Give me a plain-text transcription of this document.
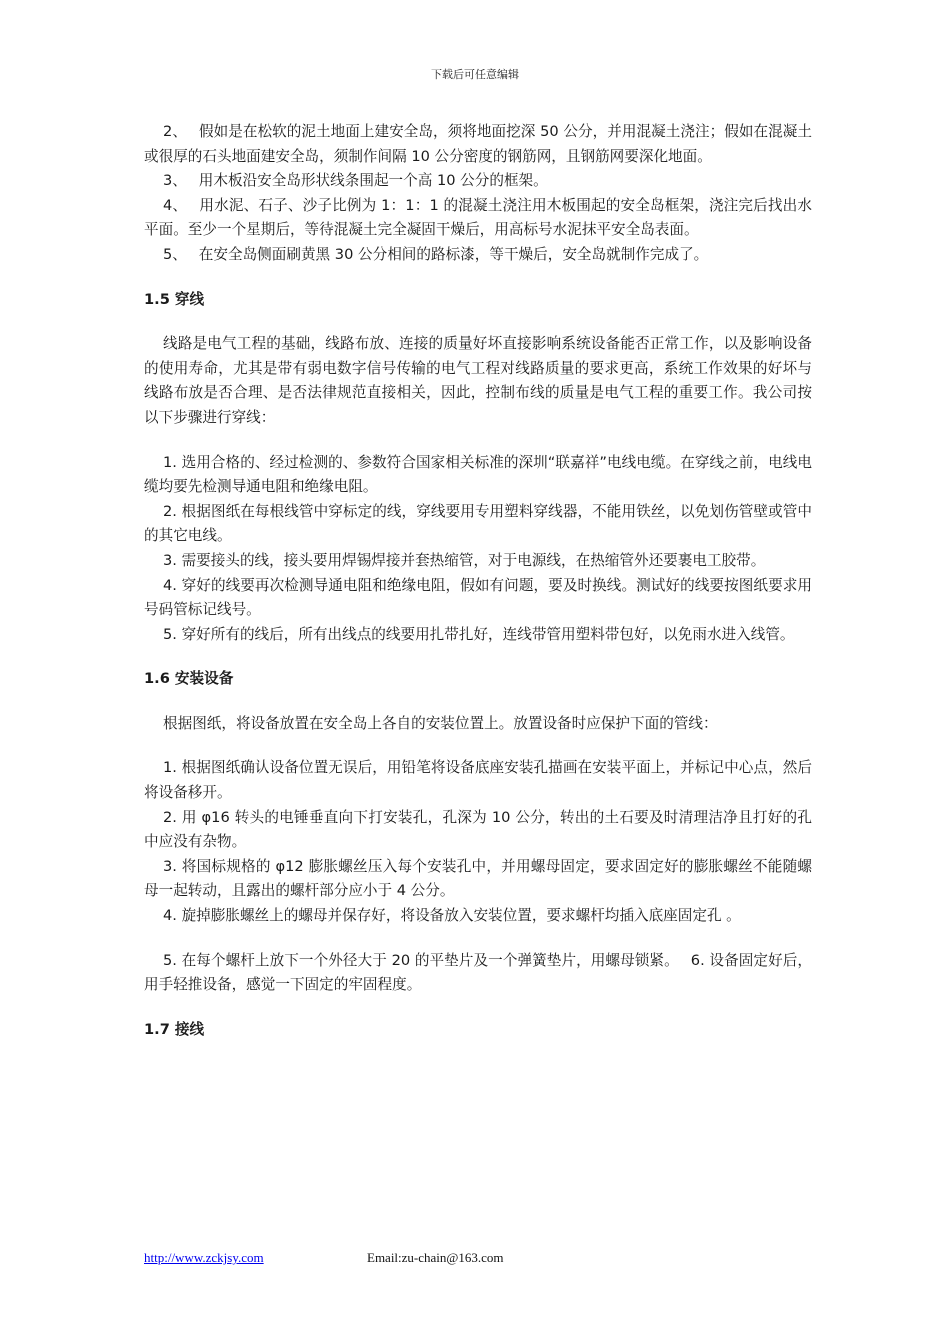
下载后可任意编辑

2、　 假如是在松软的泥土地面上建安全岛，须将地面挖深 50 公分，并用混凝土浇注；假如在混凝土或很厚的石头地面建安全岛，须制作间隔 10 公分密度的钢筋网，且钢筋网要深化地面。

3、　 用木板沿安全岛形状线条围起一个高 10 公分的框架。

4、　 用水泥、石子、沙子比例为 1：1：1 的混凝土浇注用木板围起的安全岛框架，浇注完后找出水平面。至少一个星期后，等待混凝土完全凝固干燥后，用高标号水泥抹平安全岛表面。

5、　 在安全岛侧面刷黄黑 30 公分相间的路标漆，等干燥后，安全岛就制作完成了。

1.5 穿线

线路是电气工程的基础，线路布放、连接的质量好坏直接影响系统设备能否正常工作，以及影响设备的使用寿命，尤其是带有弱电数字信号传输的电气工程对线路质量的要求更高，系统工作效果的好坏与线路布放是否合理、是否法律规范直接相关，因此，控制布线的质量是电气工程的重要工作。我公司按以下步骤进行穿线：

1. 选用合格的、经过检测的、参数符合国家相关标准的深圳“联嘉祥”电线电缆。在穿线之前，电线电缆均要先检测导通电阻和绝缘电阻。

2. 根据图纸在每根线管中穿标定的线，穿线要用专用塑料穿线器，不能用铁丝，以免划伤管壁或管中的其它电线。

3. 需要接头的线，接头要用焊锡焊接并套热缩管，对于电源线，在热缩管外还要裹电工胶带。

4. 穿好的线要再次检测导通电阻和绝缘电阻，假如有问题，要及时换线。测试好的线要按图纸要求用号码管标记线号。

5. 穿好所有的线后，所有出线点的线要用扎带扎好，连线带管用塑料带包好，以免雨水进入线管。

1.6 安装设备

根据图纸，将设备放置在安全岛上各自的安装位置上。放置设备时应保护下面的管线：

1. 根据图纸确认设备位置无误后，用铅笔将设备底座安装孔描画在安装平面上，并标记中心点，然后将设备移开。

2. 用 φ16 转头的电锤垂直向下打安装孔，孔深为 10 公分，转出的土石要及时清理洁净且打好的孔中应没有杂物。

3. 将国标规格的 φ12 膨胀螺丝压入每个安装孔中，并用螺母固定，要求固定好的膨胀螺丝不能随螺母一起转动，且露出的螺杆部分应小于 4 公分。

4. 旋掉膨胀螺丝上的螺母并保存好，将设备放入安装位置，要求螺杆均插入底座固定孔 。

5. 在每个螺杆上放下一个外径大于 20 的平垫片及一个弹簧垫片，用螺母锁紧。　 6. 设备固定好后，用手轻推设备，感觉一下固定的牢固程度。

1.7 接线
http://www.zckjsy.com	Email:zu-chain@163.com
